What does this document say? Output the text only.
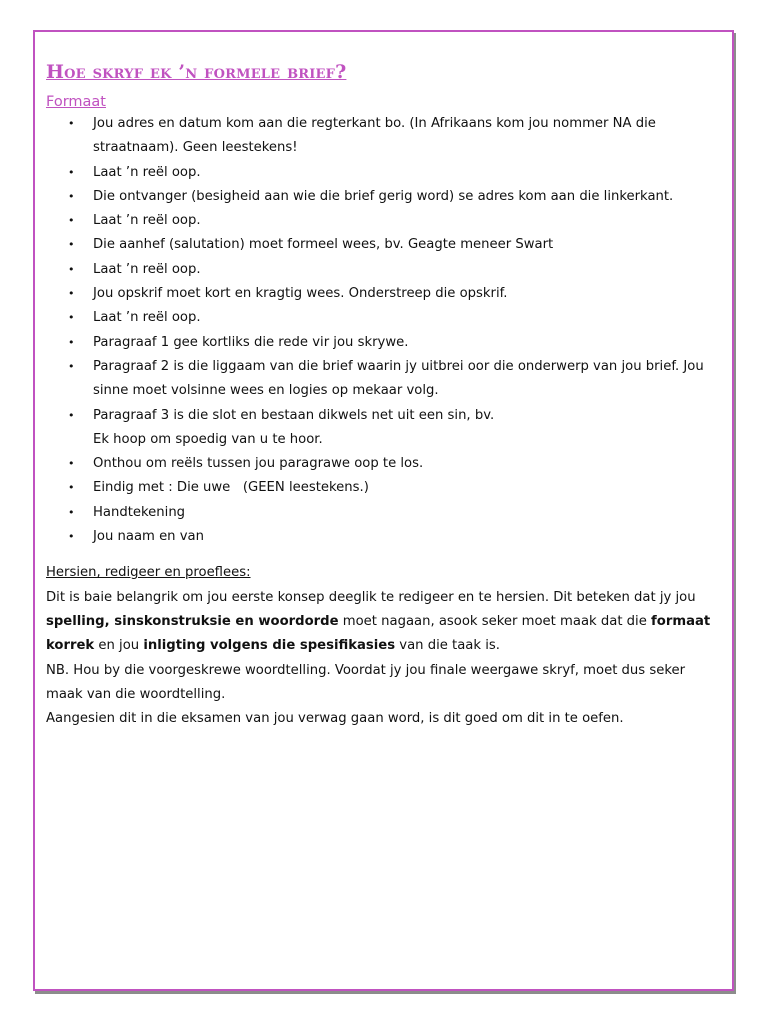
Hoe skryf ek ’n formele brief?
Formaat
• Jou adres en datum kom aan die regterkant bo. (In Afrikaans kom jou nommer NA die straatnaam). Geen leestekens!
• Laat ’n reël oop.
• Die ontvanger (besigheid aan wie die brief gerig word) se adres kom aan die linkerkant.
• Laat ’n reël oop.
• Die aanhef (salutation) moet formeel wees, bv. Geagte meneer Swart
• Laat ’n reël oop.
• Jou opskrif moet kort en kragtig wees. Onderstreep die opskrif.
• Laat ’n reël oop.
• Paragraaf 1 gee kortliks die rede vir jou skrywe.
• Paragraaf 2 is die liggaam van die brief waarin jy uitbrei oor die onderwerp van jou brief. Jou sinne moet volsinne wees en logies op mekaar volg.
• Paragraaf 3 is die slot en bestaan dikwels net uit een sin, bv.
Ek hoop om spoedig van u te hoor.
• Onthou om reëls tussen jou paragrawe oop te los.
• Eindig met : Die uwe   (GEEN leestekens.)
• Handtekening
• Jou naam en van
Hersien, redigeer en proeflees:

Dit is baie belangrik om jou eerste konsep deeglik te redigeer en te hersien. Dit beteken dat jy jou spelling, sinskonstruksie en woordorde moet nagaan, asook seker moet maak dat die formaat korrek en jou inligting volgens die spesifikasies van die taak is.

NB. Hou by die voorgeskrewe woordtelling. Voordat jy jou finale weergawe skryf, moet dus seker maak van die woordtelling.

Aangesien dit in die eksamen van jou verwag gaan word, is dit goed om dit in te oefen.
